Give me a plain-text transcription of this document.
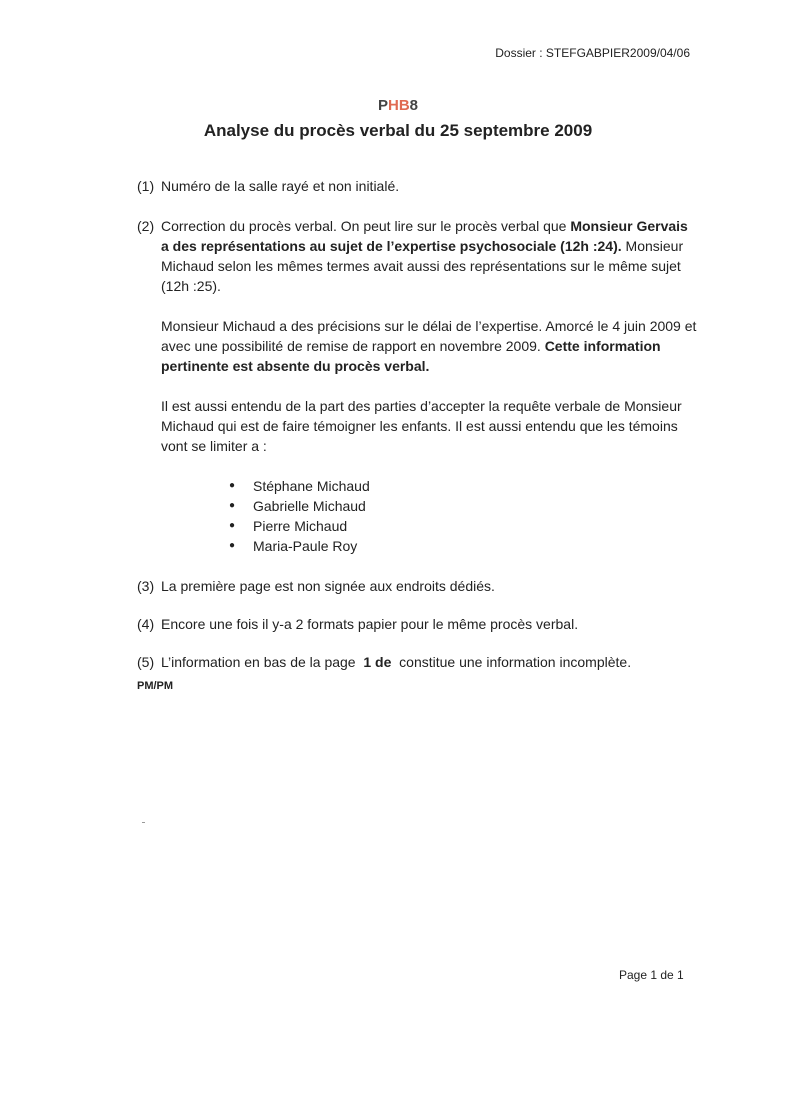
Dossier : STEFGABPIER2009/04/06
PHB8
Analyse du procès verbal du 25 septembre 2009
(1) Numéro de la salle rayé et non initialé.
(2) Correction du procès verbal. On peut lire sur le procès verbal que Monsieur Gervais a des représentations au sujet de l’expertise psychosociale (12h :24). Monsieur Michaud selon les mêmes termes avait aussi des représentations sur le même sujet (12h :25).
Monsieur Michaud a des précisions sur le délai de l’expertise. Amorcé le 4 juin 2009 et avec une possibilité de remise de rapport en novembre 2009. Cette information pertinente est absente du procès verbal.
Il est aussi entendu de la part des parties d’accepter la requête verbale de Monsieur Michaud qui est de faire témoigner les enfants. Il est aussi entendu que les témoins vont se limiter a :
●	Stéphane Michaud
●	Gabrielle Michaud
●	Pierre Michaud
●	Maria-Paule Roy
(3) La première page est non signée aux endroits dédiés.
(4) Encore une fois il y-a 2 formats papier pour le même procès verbal.
(5) L’information en bas de la page  1 de  constitue une information incomplète.
PM/PM
Page 1 de 1
